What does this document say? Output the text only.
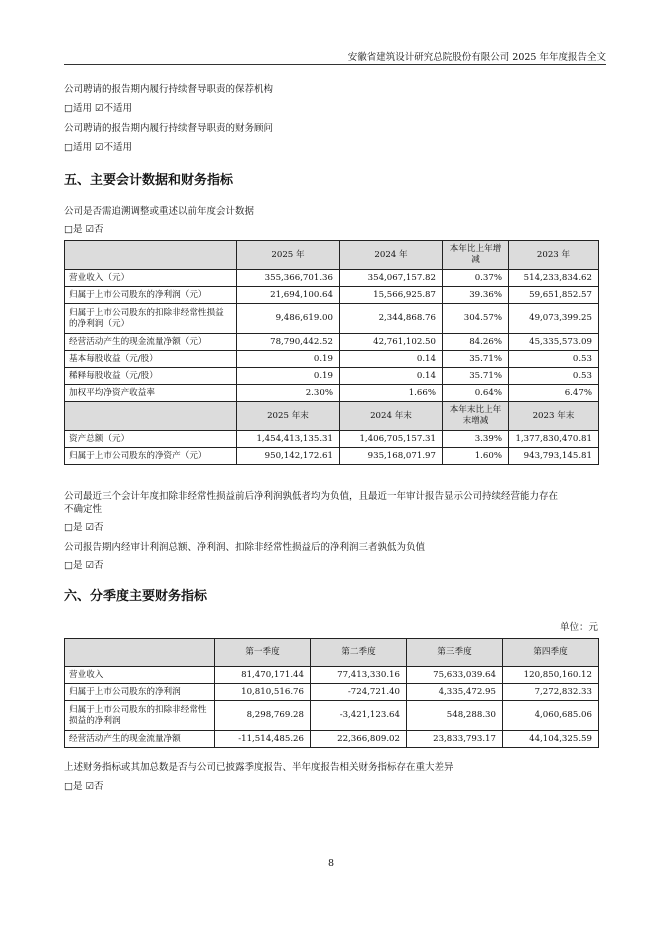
安徽省建筑设计研究总院股份有限公司 2025 年年度报告全文
公司聘请的报告期内履行持续督导职责的保荐机构
□适用 ☑不适用
公司聘请的报告期内履行持续督导职责的财务顾问
□适用 ☑不适用
五、主要会计数据和财务指标
公司是否需追溯调整或重述以前年度会计数据
□是 ☑否
	2025 年	2024 年	本年比上年增减	2023 年
营业收入（元）	355,366,701.36	354,067,157.82	0.37%	514,233,834.62
归属于上市公司股东的净利润（元）	21,694,100.64	15,566,925.87	39.36%	59,651,852.57
归属于上市公司股东的扣除非经常性损益的净利润（元）	9,486,619.00	2,344,868.76	304.57%	49,073,399.25
经营活动产生的现金流量净额（元）	78,790,442.52	42,761,102.50	84.26%	45,335,573.09
基本每股收益（元/股）	0.19	0.14	35.71%	0.53
稀释每股收益（元/股）	0.19	0.14	35.71%	0.53
加权平均净资产收益率	2.30%	1.66%	0.64%	6.47%
	2025 年末	2024 年末	本年末比上年末增减	2023 年末
资产总额（元）	1,454,413,135.31	1,406,705,157.31	3.39%	1,377,830,470.81
归属于上市公司股东的净资产（元）	950,142,172.61	935,168,071.97	1.60%	943,793,145.81
公司最近三个会计年度扣除非经常性损益前后净利润孰低者均为负值，且最近一年审计报告显示公司持续经营能力存在
不确定性
□是 ☑否
公司报告期内经审计利润总额、净利润、扣除非经常性损益后的净利润三者孰低为负值
□是 ☑否
六、分季度主要财务指标
单位：元
	第一季度	第二季度	第三季度	第四季度
营业收入	81,470,171.44	77,413,330.16	75,633,039.64	120,850,160.12
归属于上市公司股东的净利润	10,810,516.76	-724,721.40	4,335,472.95	7,272,832.33
归属于上市公司股东的扣除非经常性损益的净利润	8,298,769.28	-3,421,123.64	548,288.30	4,060,685.06
经营活动产生的现金流量净额	-11,514,485.26	22,366,809.02	23,833,793.17	44,104,325.59
上述财务指标或其加总数是否与公司已披露季度报告、半年度报告相关财务指标存在重大差异
□是 ☑否
8
